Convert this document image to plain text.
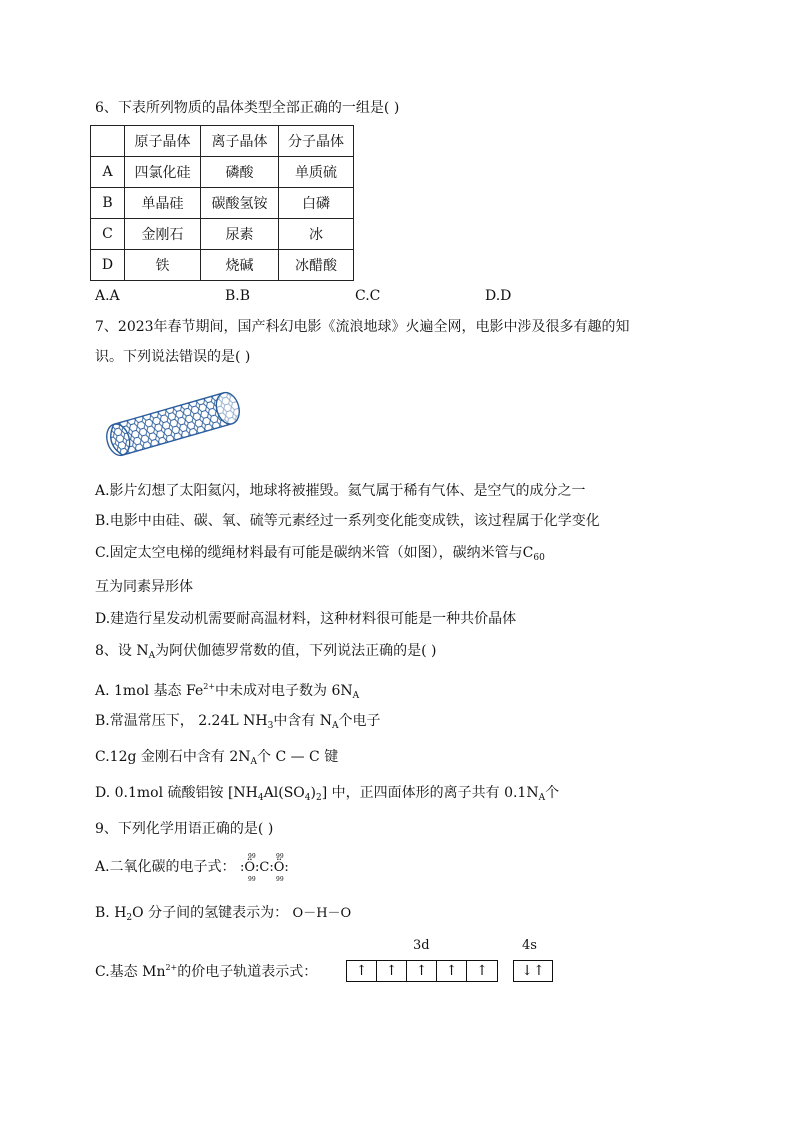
6、下表所列物质的晶体类型全部正确的一组是( )
	原子晶体	离子晶体	分子晶体
A	四氯化硅	磷酸	单质硫
B	单晶硅	碳酸氢铵	白磷
C	金刚石	尿素	冰
D	铁	烧碱	冰醋酸
A.A	B.B	C.C	D.D
7、2023年春节期间，国产科幻电影《流浪地球》火遍全网，电影中涉及很多有趣的知
识。下列说法错误的是( )
A.影片幻想了太阳氦闪，地球将被摧毁。氦气属于稀有气体、是空气的成分之一
B.电影中由硅、碳、氧、硫等元素经过一系列变化能变成铁，该过程属于化学变化
C.固定太空电梯的缆绳材料最有可能是碳纳米管（如图），碳纳米管与$C_{60}$
互为同素异形体
D.建造行星发动机需要耐高温材料，这种材料很可能是一种共价晶体
8、设 $N_A$为阿伏伽德罗常数的值，下列说法正确的是( )
A. 1mol 基态 $Fe^{2+}$中未成对电子数为 $6N_A$
B.常温常压下， 2.24L $NH_3$中含有 $N_A$个电子
C.12g 金刚石中含有 $2N_A$个 C — C 键
D. 0.1mol 硫酸铝铵 $[NH_4Al(SO_4)_2]$ 中，正四面体形的离子共有 $0.1N_A$个
9、下列化学用语正确的是( )
A.二氧化碳的电子式：
99	99
:Ö:C:Ö:
99	99
B. $H_2O$ 分子间的氢键表示为： O－H－O
C.基态 $Mn^{2+}$的价电子轨道表示式：
3d	4s
↑	↑	↑	↑	↑	↓↑
